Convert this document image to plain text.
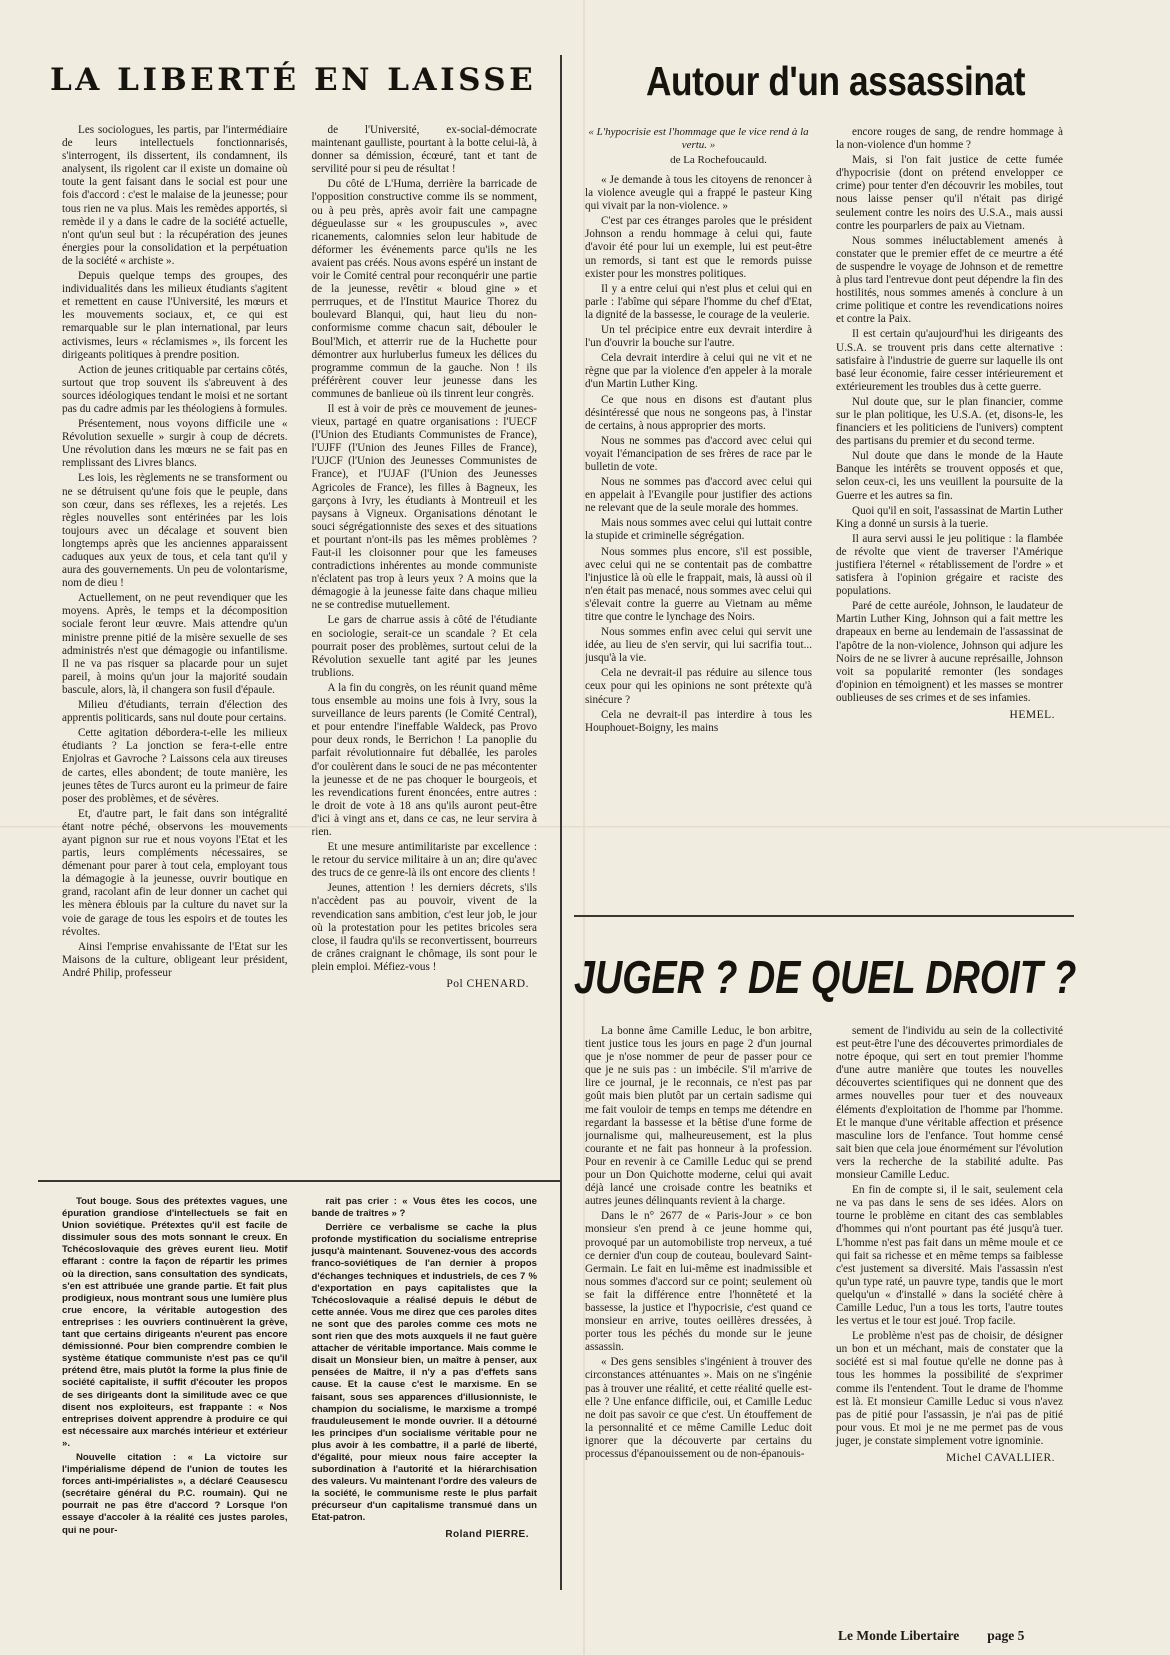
LA LIBERTÉ EN LAISSE

Les sociologues, les partis, par l'intermédiaire de leurs intellectuels fonctionnarisés, s'interrogent, ils dissertent, ils condamnent, ils analysent, ils rigolent car il existe un domaine où toute la gent faisant dans le social est pour une fois d'accord : c'est le malaise de la jeunesse; pour tous rien ne va plus. Mais les remèdes apportés, si remède il y a dans le cadre de la société actuelle, n'ont qu'un seul but : la récupération des jeunes énergies pour la consolidation et la perpétuation de la société « archiste ».

Depuis quelque temps des groupes, des individualités dans les milieux étudiants s'agitent et remettent en cause l'Université, les mœurs et les mouvements sociaux, et, ce qui est remarquable sur le plan international, par leurs activismes, leurs « réclamismes », ils forcent les dirigeants politiques à prendre position.

Action de jeunes critiquable par certains côtés, surtout que trop souvent ils s'abreuvent à des sources idéologiques tendant le moisi et ne sortant pas du cadre admis par les théologiens à formules.

Présentement, nous voyons difficile une « Révolution sexuelle » surgir à coup de décrets. Une révolution dans les mœurs ne se fait pas en remplissant des Livres blancs.

Les lois, les règlements ne se transforment ou ne se détruisent qu'une fois que le peuple, dans son cœur, dans ses réflexes, les a rejetés. Les règles nouvelles sont entérinées par les lois toujours avec un décalage et souvent bien longtemps après que les anciennes apparaissent caduques aux yeux de tous, et cela tant qu'il y aura des gouvernements. Un peu de volontarisme, nom de dieu !

Actuellement, on ne peut revendiquer que les moyens. Après, le temps et la décomposition sociale feront leur œuvre. Mais attendre qu'un ministre prenne pitié de la misère sexuelle de ses administrés n'est que démagogie ou infantilisme. Il ne va pas risquer sa placarde pour un sujet pareil, à moins qu'un jour la majorité soudain bascule, alors, là, il changera son fusil d'épaule.

Milieu d'étudiants, terrain d'élection des apprentis politicards, sans nul doute pour certains.

Cette agitation débordera-t-elle les milieux étudiants ? La jonction se fera-t-elle entre Enjolras et Gavroche ? Laissons cela aux tireuses de cartes, elles abondent; de toute manière, les jeunes têtes de Turcs auront eu la primeur de faire poser des problèmes, et de sévères.

Et, d'autre part, le fait dans son intégralité étant notre péché, observons les mouvements ayant pignon sur rue et nous voyons l'Etat et les partis, leurs compléments nécessaires, se démenant pour parer à tout cela, employant tous la démagogie à la jeunesse, ouvrir boutique en grand, racolant afin de leur donner un cachet qui les mènera éblouis par la culture du navet sur la voie de garage de tous les espoirs et de toutes les révoltes.

Ainsi l'emprise envahissante de l'Etat sur les Maisons de la culture, obligeant leur président, André Philip, professeur

de l'Université, ex-social-démocrate maintenant gaulliste, pourtant à la botte celui-là, à donner sa démission, écœuré, tant et tant de servilité pour si peu de résultat !

Du côté de L'Huma, derrière la barricade de l'opposition constructive comme ils se nomment, ou à peu près, après avoir fait une campagne dégueulasse sur « les groupuscules », avec ricanements, calomnies selon leur habitude de déformer les événements parce qu'ils ne les avaient pas créés. Nous avons espéré un instant de voir le Comité central pour reconquérir une partie de la jeunesse, revêtir « bloud gine » et perrruques, et de l'Institut Maurice Thorez du boulevard Blanqui, qui, haut lieu du non-conformisme comme chacun sait, débouler le Boul'Mich, et atterrir rue de la Huchette pour démontrer aux hurluberlus fumeux les délices du programme commun de la gauche. Non ! ils préférèrent couver leur jeunesse dans les communes de banlieue où ils tinrent leur congrès.

Il est à voir de près ce mouvement de jeunes-vieux, partagé en quatre organisations : l'UECF (l'Union des Etudiants Communistes de France), l'UJFF (l'Union des Jeunes Filles de France), l'UJCF (l'Union des Jeunesses Communistes de France), et l'UJAF (l'Union des Jeunesses Agricoles de France), les filles à Bagneux, les garçons à Ivry, les étudiants à Montreuil et les paysans à Vigneux. Organisations dénotant le souci ségrégationniste des sexes et des situations et pourtant n'ont-ils pas les mêmes problèmes ? Faut-il les cloisonner pour que les fameuses contradictions inhérentes au monde communiste n'éclatent pas trop à leurs yeux ? A moins que la démagogie à la jeunesse faite dans chaque milieu ne se contredise mutuellement.

Le gars de charrue assis à côté de l'étudiante en sociologie, serait-ce un scandale ? Et cela pourrait poser des problèmes, surtout celui de la Révolution sexuelle tant agité par les jeunes trublions.

A la fin du congrès, on les réunit quand même tous ensemble au moins une fois à Ivry, sous la surveillance de leurs parents (le Comité Central), et pour entendre l'ineffable Waldeck, pas Provo pour deux ronds, le Berrichon ! La panoplie du parfait révolutionnaire fut déballée, les paroles d'or coulèrent dans le souci de ne pas mécontenter la jeunesse et de ne pas choquer le bourgeois, et les revendications furent énoncées, entre autres : le droit de vote à 18 ans qu'ils auront peut-être d'ici à vingt ans et, dans ce cas, ne leur servira à rien.

Et une mesure antimilitariste par excellence : le retour du service militaire à un an; dire qu'avec des trucs de ce genre-là ils ont encore des clients !

Jeunes, attention ! les derniers décrets, s'ils n'accèdent pas au pouvoir, vivent de la revendication sans ambition, c'est leur job, le jour où la protestation pour les petites bricoles sera close, il faudra qu'ils se reconvertissent, bourreurs de crânes craignant le chômage, ils sont pour le plein emploi. Méfiez-vous !

Pol CHENARD.
Autour d'un assassinat
« L'hypocrisie est l'hommage que le vice rend à la vertu. »
de La Rochefoucauld.

« Je demande à tous les citoyens de renoncer à la violence aveugle qui a frappé le pasteur King qui vivait par la non-violence. »

C'est par ces étranges paroles que le président Johnson a rendu hommage à celui qui, faute d'avoir été pour lui un exemple, lui est peut-être un remords, si tant est que le remords puisse exister pour les monstres politiques.

Il y a entre celui qui n'est plus et celui qui en parle : l'abîme qui sépare l'homme du chef d'Etat, la dignité de la bassesse, le courage de la veulerie.

Un tel précipice entre eux devrait interdire à l'un d'ouvrir la bouche sur l'autre.

Cela devrait interdire à celui qui ne vit et ne règne que par la violence d'en appeler à la morale d'un Martin Luther King.

Ce que nous en disons est d'autant plus désintéressé que nous ne songeons pas, à l'instar de certains, à nous approprier des morts.

Nous ne sommes pas d'accord avec celui qui voyait l'émancipation de ses frères de race par le bulletin de vote.

Nous ne sommes pas d'accord avec celui qui en appelait à l'Evangile pour justifier des actions ne relevant que de la seule morale des hommes.

Mais nous sommes avec celui qui luttait contre la stupide et criminelle ségrégation.

Nous sommes plus encore, s'il est possible, avec celui qui ne se contentait pas de combattre l'injustice là où elle le frappait, mais, là aussi où il n'en était pas menacé, nous sommes avec celui qui s'élevait contre la guerre au Vietnam au même titre que contre le lynchage des Noirs.

Nous sommes enfin avec celui qui servit une idée, au lieu de s'en servir, qui lui sacrifia tout... jusqu'à la vie.

Cela ne devrait-il pas réduire au silence tous ceux pour qui les opinions ne sont prétexte qu'à sinécure ?

Cela ne devrait-il pas interdire à tous les Houphouet-Boigny, les mains

encore rouges de sang, de rendre hommage à la non-violence d'un homme ?

Mais, si l'on fait justice de cette fumée d'hypocrisie (dont on prétend envelopper ce crime) pour tenter d'en découvrir les mobiles, tout nous laisse penser qu'il n'était pas dirigé seulement contre les noirs des U.S.A., mais aussi contre les pourparlers de paix au Vietnam.

Nous sommes inéluctablement amenés à constater que le premier effet de ce meurtre a été de suspendre le voyage de Johnson et de remettre à plus tard l'entrevue dont peut dépendre la fin des hostilités, nous sommes amenés à conclure à un crime politique et contre les revendications noires et contre la Paix.

Il est certain qu'aujourd'hui les dirigeants des U.S.A. se trouvent pris dans cette alternative : satisfaire à l'industrie de guerre sur laquelle ils ont basé leur économie, faire cesser intérieurement et extérieurement les troubles dus à cette guerre.

Nul doute que, sur le plan financier, comme sur le plan politique, les U.S.A. (et, disons-le, les financiers et les politiciens de l'univers) comptent des partisans du premier et du second terme.

Nul doute que dans le monde de la Haute Banque les intérêts se trouvent opposés et que, selon ceux-ci, les uns veuillent la poursuite de la Guerre et les autres sa fin.

Quoi qu'il en soit, l'assassinat de Martin Luther King a donné un sursis à la tuerie.

Il aura servi aussi le jeu politique : la flambée de révolte que vient de traverser l'Amérique justifiera l'éternel « rétablissement de l'ordre » et satisfera à l'opinion grégaire et raciste des populations.

Paré de cette auréole, Johnson, le laudateur de Martin Luther King, Johnson qui a fait mettre les drapeaux en berne au lendemain de l'assassinat de l'apôtre de la non-violence, Johnson qui adjure les Noirs de ne se livrer à aucune représaille, Johnson voit sa popularité remonter (les sondages d'opinion en témoignent) et les masses se montrer oublieuses de ses crimes et de ses infamies.

HEMEL.

Tout bouge. Sous des prétextes vagues, une épuration grandiose d'intellectuels se fait en Union soviétique. Prétextes qu'il est facile de dissimuler sous des mots sonnant le creux. En Tchécoslovaquie des grèves eurent lieu. Motif effarant : contre la façon de répartir les primes où la direction, sans consultation des syndicats, s'en est attribuée une grande partie. Et fait plus prodigieux, nous montrant sous une lumière plus crue encore, la véritable autogestion des entreprises : les ouvriers continuèrent la grève, tant que certains dirigeants n'eurent pas encore démissionné. Pour bien comprendre combien le système étatique communiste n'est pas ce qu'il prétend être, mais plutôt la forme la plus finie de société capitaliste, il suffit d'écouter les propos de ses dirigeants dont la similitude avec ce que disent nos exploiteurs, est frappante : « Nos entreprises doivent apprendre à produire ce qui est nécessaire aux marchés intérieur et extérieur ».

Nouvelle citation : « La victoire sur l'impérialisme dépend de l'union de toutes les forces anti-impérialistes », a déclaré Ceausescu (secrétaire général du P.C. roumain). Qui ne pourrait ne pas être d'accord ? Lorsque l'on essaye d'accoler à la réalité ces justes paroles, qui ne pour-

rait pas crier : « Vous êtes les cocos, une bande de traîtres » ?

Derrière ce verbalisme se cache la plus profonde mystification du socialisme entreprise jusqu'à maintenant. Souvenez-vous des accords franco-soviétiques de l'an dernier à propos d'échanges techniques et industriels, de ces 7 % d'exportation en pays capitalistes que la Tchécoslovaquie a réalisé depuis le début de cette année. Vous me direz que ces paroles dites ne sont que des paroles comme ces mots ne sont rien que des mots auxquels il ne faut guère attacher de véritable importance. Mais comme le disait un Monsieur bien, un maître à penser, aux pensées de Maître, il n'y a pas d'effets sans cause. Et la cause c'est le marxisme. En se faisant, sous ses apparences d'illusionniste, le champion du socialisme, le marxisme a trompé frauduleusement le monde ouvrier. Il a détourné les principes d'un socialisme véritable pour ne plus avoir à les combattre, il a parlé de liberté, d'égalité, pour mieux nous faire accepter la subordination à l'autorité et la hiérarchisation des valeurs. Vu maintenant l'ordre des valeurs de la société, le communisme reste le plus parfait précurseur d'un capitalisme transmué dans un Etat-patron.

Roland PIERRE.
JUGER ? DE QUEL DROIT ?

La bonne âme Camille Leduc, le bon arbitre, tient justice tous les jours en page 2 d'un journal que je n'ose nommer de peur de passer pour ce que je ne suis pas : un imbécile. S'il m'arrive de lire ce journal, je le reconnais, ce n'est pas par goût mais bien plutôt par un certain sadisme qui me fait vouloir de temps en temps me détendre en regardant la bassesse et la bêtise d'une forme de journalisme qui, malheureusement, est la plus courante et ne fait pas honneur à la profession. Pour en revenir à ce Camille Leduc qui se prend pour un Don Quichotte moderne, celui qui avait déjà lancé une croisade contre les beatniks et autres jeunes délinquants revient à la charge.

Dans le n° 2677 de « Paris-Jour » ce bon monsieur s'en prend à ce jeune homme qui, provoqué par un automobiliste trop nerveux, a tué ce dernier d'un coup de couteau, boulevard Saint-Germain. Le fait en lui-même est inadmissible et nous sommes d'accord sur ce point; seulement où se fait la différence entre l'honnêteté et la bassesse, la justice et l'hypocrisie, c'est quand ce monsieur en arrive, toutes oeillères dressées, à porter tous les péchés du monde sur le jeune assassin.

« Des gens sensibles s'ingénient à trouver des circonstances atténuantes ». Mais on ne s'ingénie pas à trouver une réalité, et cette réalité quelle est-elle ? Une enfance difficile, oui, et Camille Leduc ne doit pas savoir ce que c'est. Un étouffement de la personnalité et ce même Camille Leduc doit ignorer que la découverte par certains du processus d'épanouissement ou de non-épanouis-

sement de l'individu au sein de la collectivité est peut-être l'une des découvertes primordiales de notre époque, qui sert en tout premier l'homme d'une autre manière que toutes les nouvelles découvertes scientifiques qui ne donnent que des armes nouvelles pour tuer et des nouveaux éléments d'exploitation de l'homme par l'homme. Et le manque d'une véritable affection et présence masculine lors de l'enfance. Tout homme censé sait bien que cela joue énormément sur l'évolution vers la recherche de la stabilité adulte. Pas monsieur Camille Leduc.

En fin de compte si, il le sait, seulement cela ne va pas dans le sens de ses idées. Alors on tourne le problème en citant des cas semblables d'hommes qui n'ont pourtant pas été jusqu'à tuer. L'homme n'est pas fait dans un même moule et ce qui fait sa richesse et en même temps sa faiblesse c'est justement sa diversité. Mais l'assassin n'est qu'un type raté, un pauvre type, tandis que le mort quelqu'un « d'installé » dans la société chère à Camille Leduc, l'un a tous les torts, l'autre toutes les vertus et le tour est joué. Trop facile.

Le problème n'est pas de choisir, de désigner un bon et un méchant, mais de constater que la société est si mal foutue qu'elle ne donne pas à tous les hommes la possibilité de s'exprimer comme ils l'entendent. Tout le drame de l'homme est là. Et monsieur Camille Leduc si vous n'avez pas de pitié pour l'assassin, je n'ai pas de pitié pour vous. Et moi je ne me permet pas de vous juger, je constate simplement votre ignominie.

Michel CAVALLIER.
Le Monde Libertaire page 5
